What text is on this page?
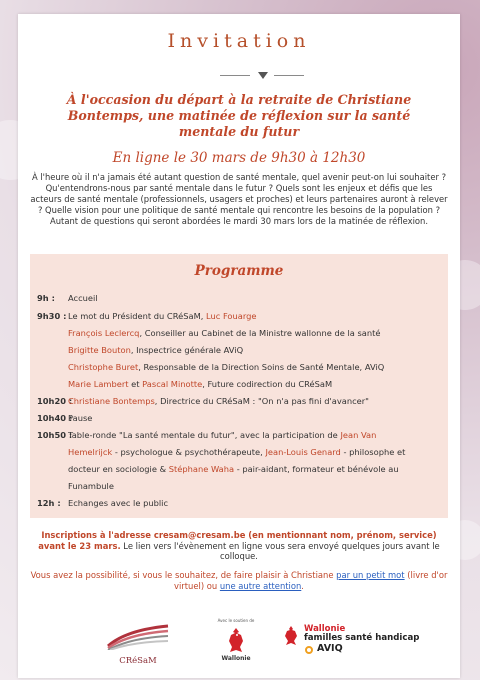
Invitation
À l'occasion du départ à la retraite de Christiane Bontemps, une matinée de réflexion sur la santé mentale du futur
En ligne le 30 mars de 9h30 à 12h30
À l'heure où il n'a jamais été autant question de santé mentale, quel avenir peut-on lui souhaiter ? Qu'entendrons-nous par santé mentale dans le futur ? Quels sont les enjeux et défis que les acteurs de santé mentale (professionnels, usagers et proches) et leurs partenaires auront à relever ? Quelle vision pour une politique de santé mentale qui rencontre les besoins de la population ? Autant de questions qui seront abordées le mardi 30 mars lors de la matinée de réflexion.
Programme
9h : Accueil
9h30 : Le mot du Président du CRéSaM, Luc Fouarge
François Leclercq, Conseiller au Cabinet de la Ministre wallonne de la santé
Brigitte Bouton, Inspectrice générale AViQ
Christophe Buret, Responsable de la Direction Soins de Santé Mentale, AViQ
Marie Lambert et Pascal Minotte, Future codirection du CRéSaM
10h20 :
Christiane Bontemps, Directrice du CRéSaM : "On n'a pas fini d'avancer"
10h40 :
Pause
10h50 :
Table-ronde "La santé mentale du futur", avec la participation de Jean Van
Hemelrijck - psychologue & psychothérapeute, Jean-Louis Genard - philosophe et
docteur en sociologie & Stéphane Waha - pair-aidant, formateur et bénévole au
Funambule
12h : Echanges avec le public
Inscriptions à l'adresse cresam@cresam.be (en mentionnant nom, prénom, service) avant le 23 mars. Le lien vers l'évènement en ligne vous sera envoyé quelques jours avant le colloque.
Vous avez la possibilité, si vous le souhaitez, de faire plaisir à Christiane par un petit mot (livre d'or virtuel) ou une autre attention.
CRéSaM
Avec le soutien de
Wallonie
Wallonie
familles santé handicap
AVIQ
